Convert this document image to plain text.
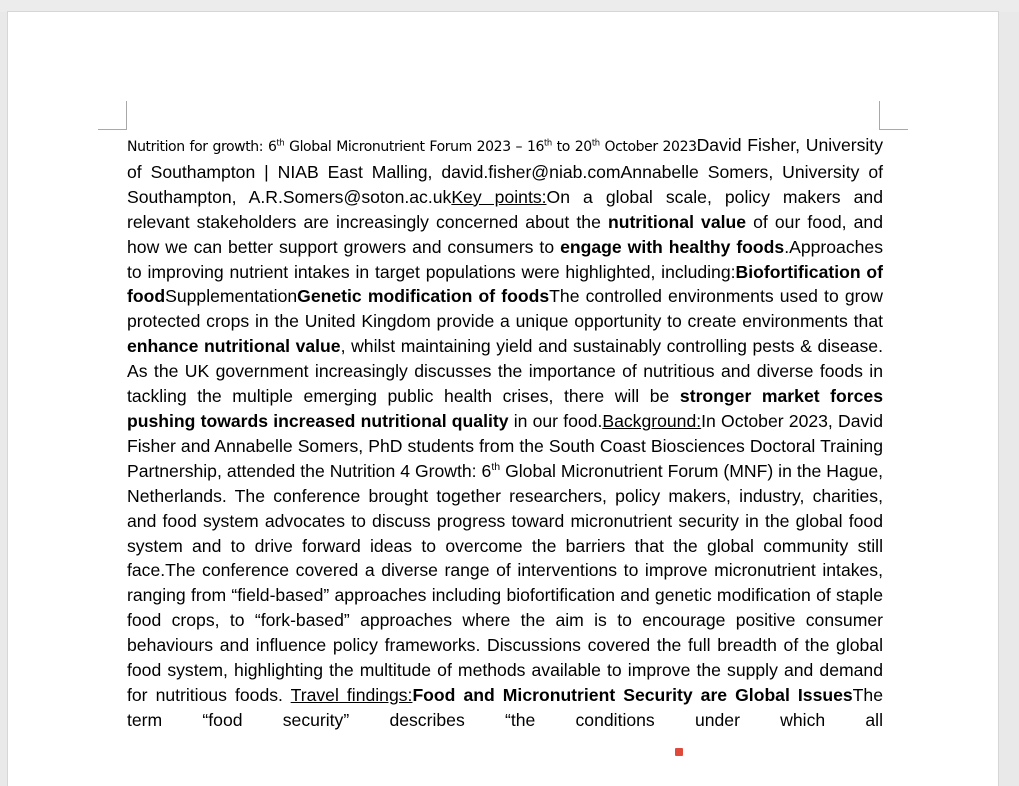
Nutrition for growth: 6th Global Micronutrient Forum 2023 – 16th to 20th October 2023David Fisher, University of Southampton | NIAB East Malling, david.fisher@niab.comAnnabelle Somers, University of Southampton, A.R.Somers@soton.ac.ukKey points:On a global scale, policy makers and relevant stakeholders are increasingly concerned about the nutritional value of our food, and how we can better support growers and consumers to engage with healthy foods.Approaches to improving nutrient intakes in target populations were highlighted, including:Biofortification of foodSupplementationGenetic modification of foodsThe controlled environments used to grow protected crops in the United Kingdom provide a unique opportunity to create environments that enhance nutritional value, whilst maintaining yield and sustainably controlling pests & disease. As the UK government increasingly discusses the importance of nutritious and diverse foods in tackling the multiple emerging public health crises, there will be stronger market forces pushing towards increased nutritional quality in our food.Background:In October 2023, David Fisher and Annabelle Somers, PhD students from the South Coast Biosciences Doctoral Training Partnership, attended the Nutrition 4 Growth: 6th Global Micronutrient Forum (MNF) in the Hague, Netherlands. The conference brought together researchers, policy makers, industry, charities, and food system advocates to discuss progress toward micronutrient security in the global food system and to drive forward ideas to overcome the barriers that the global community still face.The conference covered a diverse range of interventions to improve micronutrient intakes, ranging from “field-based” approaches including biofortification and genetic modification of staple food crops, to “fork-based” approaches where the aim is to encourage positive consumer behaviours and influence policy frameworks. Discussions covered the full breadth of the global food system, highlighting the multitude of methods available to improve the supply and demand for nutritious foods. Travel findings:Food and Micronutrient Security are Global IssuesThe term “food security” describes “the conditions under which all
